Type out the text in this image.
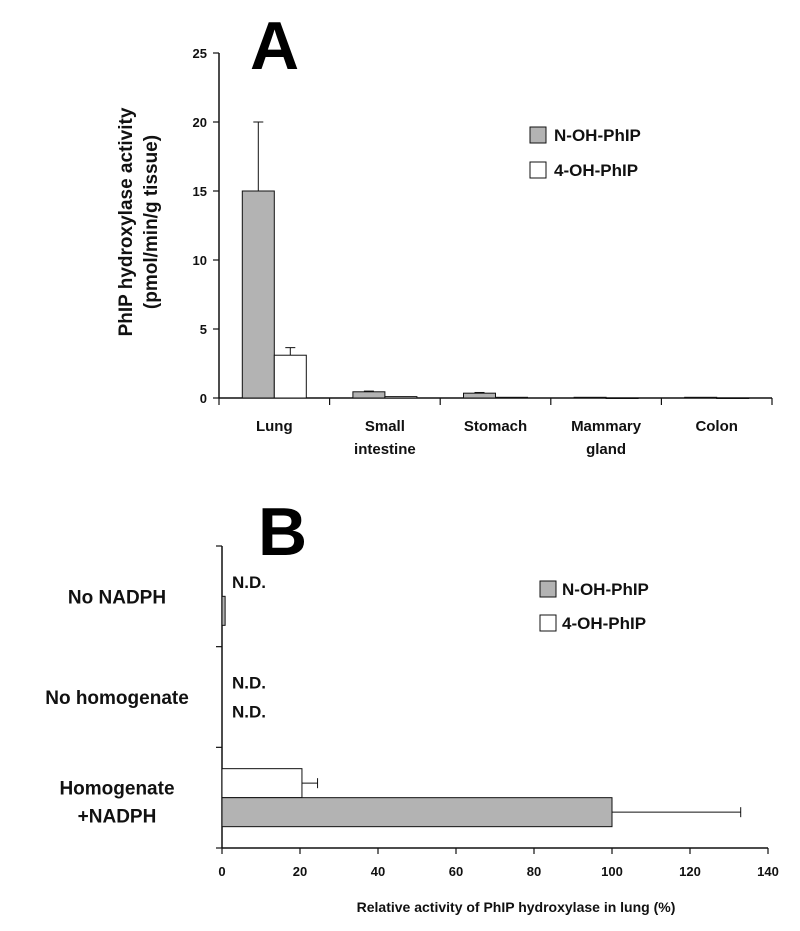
A
PhIP hydroxylase activity (pmol/min/g tissue)
0
5
10
15
20
25
Lung	Small
intestine
Stomach	Mammary
gland
Colon
N-OH-PhIP
4-OH-PhIP
B
0	20	40	60	80	100	120	140
N.D.
N.D.
N.D.
No NADPH
No homogenate
Homogenate
+NADPH
Relative activity of PhIP hydroxylase in lung (%)
N-OH-PhIP
4-OH-PhIP
